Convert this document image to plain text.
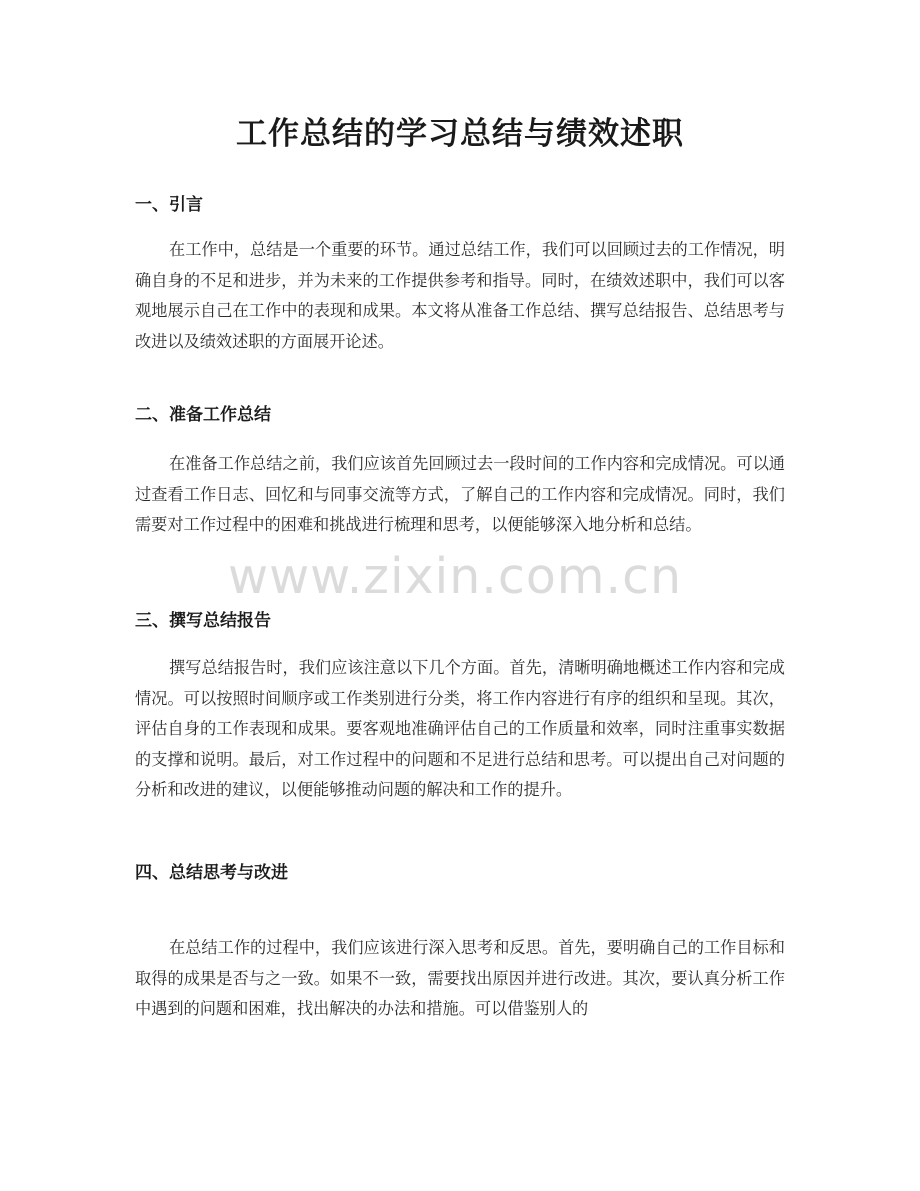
工作总结的学习总结与绩效述职
一、引言

在工作中，总结是一个重要的环节。通过总结工作，我们可以回顾过去的工作情况，明确自身的不足和进步，并为未来的工作提供参考和指导。同时，在绩效述职中，我们可以客观地展示自己在工作中的表现和成果。本文将从准备工作总结、撰写总结报告、总结思考与改进以及绩效述职的方面展开论述。

二、准备工作总结

在准备工作总结之前，我们应该首先回顾过去一段时间的工作内容和完成情况。可以通过查看工作日志、回忆和与同事交流等方式，了解自己的工作内容和完成情况。同时，我们需要对工作过程中的困难和挑战进行梳理和思考，以便能够深入地分析和总结。

三、撰写总结报告

撰写总结报告时，我们应该注意以下几个方面。首先，清晰明确地概述工作内容和完成情况。可以按照时间顺序或工作类别进行分类，将工作内容进行有序的组织和呈现。其次，评估自身的工作表现和成果。要客观地准确评估自己的工作质量和效率，同时注重事实数据的支撑和说明。最后，对工作过程中的问题和不足进行总结和思考。可以提出自己对问题的分析和改进的建议，以便能够推动问题的解决和工作的提升。

四、总结思考与改进

在总结工作的过程中，我们应该进行深入思考和反思。首先，要明确自己的工作目标和取得的成果是否与之一致。如果不一致，需要找出原因并进行改进。其次，要认真分析工作中遇到的问题和困难，找出解决的办法和措施。可以借鉴别人的

www.zixin.com.cn
